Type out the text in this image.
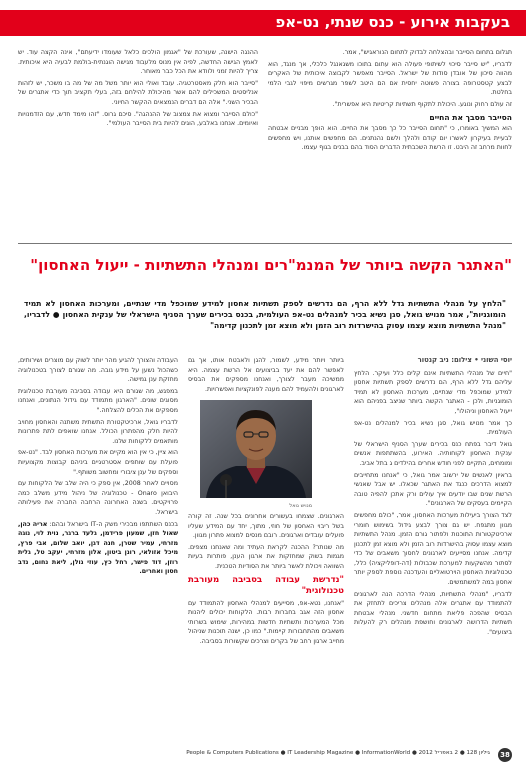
בעקבות אירוע - כנס שנתי, נט-אפ

תגלום בתחום הסייבר ובהצלחה לבדוק לתחום הנוראגיש", אמר.

לדבריו, "יש סייבר סיכוי לשיתופי פעולה הוא עתום בתוכו משגאנגל כלכלי, אך מנגד, הוא מהווה סיכון של אובדן סודות של ישראל. הסייבר מאפשר לקבוצה איכותית של האקרים לבצע קטסטרופה בצורה פשוטה יחסית אם הם היטב לשפר מגרשים מיפוי לגבי הלמי בחלטת.

זה עולם רחוק ונוגע. היכולת לתקוף תשתיות קריטיות היא אפשרית".

הסייבר מסבך את החיים

הוא המשיך באומרו, כי "תחום הסייבר כל כך מסבך את החיים. הוא הופך מבניים אבטחה לבעיית בעיקרון לאשרו יום קודם ולהלך ולשם נהנתנים. הם מחפשים אותנו, ויש מחפשים לחוות מרחב זה היבט. זו הרשת השכבתית הדברים הסוד בהם בבנים בגוף עצמו.

ההנגה הישנה, שעורכת של "אגמון הולכים כלאל שעומדו ידיעתם", אינה הקצה עוד. יש לאמץ הגישה החדשה, לפיה אין מנוס מלעבוד מגישה הוגנתית-בולמת לבעיה היא איכותית. צריך להיות זמני ולוודא את הכל כבר מאוחר.

"סייבר הוא חלק מאסטרטגיה. עובד ואולי הוא יותר משל מה של מה בו משכר, יש לזהות אנליסטים המשכילים להם אשר מהיכולת להילחם בזה, בעלי תקציב תוך כדי אתגרים של הבכיר השני." אלה הם דברים הנמצאים ההקשר החיוני.

"כולם הסייבר ומצוא את צמצוב של ההנהגה". סיכם גרוס. "זהו מימד חדש, עם הזדמנויות ואיומים. אנחנו באלבע, הוגים להיות בית הסייבר העולמי".

"האתגר הקשה ביותר של המנמ"רים ומנהלי התשתיות - ייעול האחסון"
"הלחץ על מנהלי התשתיות גדל ללא הרף, הם נדרשים לספק תשתיות אחסון למידע שמוכפל מדי שנתיים, ומערכות האחסון לא תמיד הומוגניות", אמר מנויש גואל, סגן נשיא בכיר למנהלים נט-אפ העולמית, בכנס בכירים שערך הסניף הישראלי של ענקית האחסון ● לדבריו, "מנהל התשתיות מוצא עצמו עסוק בהישרדות רוב הזמן ולא מוצא זמן לתכנון קדימה"
יוסי השוני • צילום: ניב קנטור

"חיים של מנהלי התשתיות אינם קלים כלל ועיקר. הלחץ עליהם גדל ללא הרף, הם נדרשים לספק תשתיות אחסון למידע שמוכפל מדי שנתיים, מערכות האחסון לא תמיד הומוגניות, ולכן - האתגר הקשה ביותר שניצב בפניהם הוא ייעול האחסון וניהולו",

כך אמר מנויש גואל, סגן נשיא בכיר למנהלים נט-אפ העולמית.

גואל דיבר בפתח כנס בכירים שערך הסניף הישראלי של ענקית האחסון לקוחותיה. האירוע, בהשתתפות אנשים ומומחים, התקיים לפני חודש אחרים בהילדים ג בתל אביב.

בראיון לאנשים של ירשוב אמר גואל, כי "אנחנו מתחייבים למצוא הדרכים כנגד את האתגר שכאלו. יש אבל שאנשי הרשת שנים שבו יודעים איך עולים ורק אתכן להפיה טובה הקיימים בעסקים של הארגונים".

לצד הצורך ביעילות מערכות האחסון, אמר, "כולם מחפשים מגוון מתגפח. יש גם צורך לבצע גידול בשימוש חומרי ארכיטקטורות התוכנות ולפתור גורם הזמן. מנהל התשתיות מוצא עצמו עסוק בהישרדות רוב הזמן ולא מוצא זמן לתכנון קדימה. אנחנו מסייעים לארגונים לחסוך משאבים של כדי לסתור מהשקעות למערכת שכבולות (דה-דופליקציה) כלל, טכנולוגיות האחסון הוירטואליים והעדכנה נוספת לספק יותר אחסון במה למשתמשים.

לדבריו, "מנהלי התשתיות, מנהלי הדרכה הנה לארגונים להתמודד עם אתגרים אלה מנהלים צריכים לתחזק את הבסיס שהפכה פליאת מתחום חדשני. מנהלי אבטחת תשתיות הדרושה לארגונים וחושפת מנהלים רק להעלות ביצועים".

ביותר ויותר מידע, לשמור, להגן ולאבטח אותו, אך גם לאפשר להם את יעד בביצועים אל הרשת עצמה. היא ממשיכה מעבר לצורך, ואנחנו מספקים את הבסיס לארגונים ולהעמיד להם מענה לפונקציות ואפשרויות.

מנויש גואל

הארגונים. שצמחו בעשורים אחרונים בכל שנה. זה קורה בשל ריבוי האחסון של חוזי, מתוך, יחד עם המידע שעליו פועלים עובדים וארגונים. רובם מנסים למצוא פתרון מגוון.

מה שנותר? ההכנה לקראת העתיד ומה שאנחנו מצפים. מגמות בשוק שמחזקות את ארגון הענן, פותרות בעיות השוואה ויכולת לאשר ביותר את הסודיות הטכנית.

"נדרשת עבודה בסביבה מעורבת טכנולוגית"

"אנחנו, נטא-אפ, מסייעים למנהלי האחסון להתמודד עם אחסון הזה אגב בחברות רבות. הלקוחות יכולים ליהנות מכל המערכות ותשתיות חדשות במהירות, שימוש בשרותי משאבים מהתחבורות קיימות." כמו כן, ישנה תוכנות שניהול מחייב ארגון רחב של בקרים וצרכים שקשורות בסביבה.

העבודה והצורך להגיע מהר יותר לשוק עם מוצרים ושירותים, כשהכול נשען על מידע גובה. מה שגורם לצורך בטכנולוגיה מחזקת ענן גמישה.

במפגש, מה שגורם היא עבודה בסביבה מעורבת טכנולוגית מסוגים שונים. "הארגון מתמודד עם גידול הנתונים, ואנחנו מספקים את הכלים להצלחה."

לדבריו גואל, ארכיטקטורת התשתית משתנה והאחסון מחויב להיות חלק מהפתרון הכולל. אנחנו שואפים לתת פתרונות מותאמים ללקוחות שלנו.

הוא ציין, כי אין הוא מקיים את מערכות האחסון לבד. "נט-אפ פועלת עם שותפים אסטרטגיים ביניהם קבוצות מקצועיות וספקים של ענן ציבורי ומחשוב משותף."

מסויים לאחר 2008, אין ספק כי היה שלב של הלקוחות עם היבואן Onaro - טכנולוגיה של ניהול מידע משלב כמה פרויקטים. בשנה האחרונה הרחבה החברה את פעילותה בישראל.

בכנס השתתפו מבכירי משק ה-IT בישראל ובהם: אריה כהן, שאול חזן, שמעון פרידמן, גלעד ברגר, נוית לוי, נוגה מזרחי, עמיר שטרן, חנה דגן, יואב שלום, אבי פרץ, מיכל אזולאי, רונן ביטון, אלון מזרחי, יעקב טל, גלית רוזן, דוד פישר, רחל כץ, עוזי גולן, ליאת נחום, נדב חסון ואחרים.

People & Computers Publications ● IT Leadership Magazine ● InformationWorld ● 2012 גיליון 128 ● 2 באפריל	38
